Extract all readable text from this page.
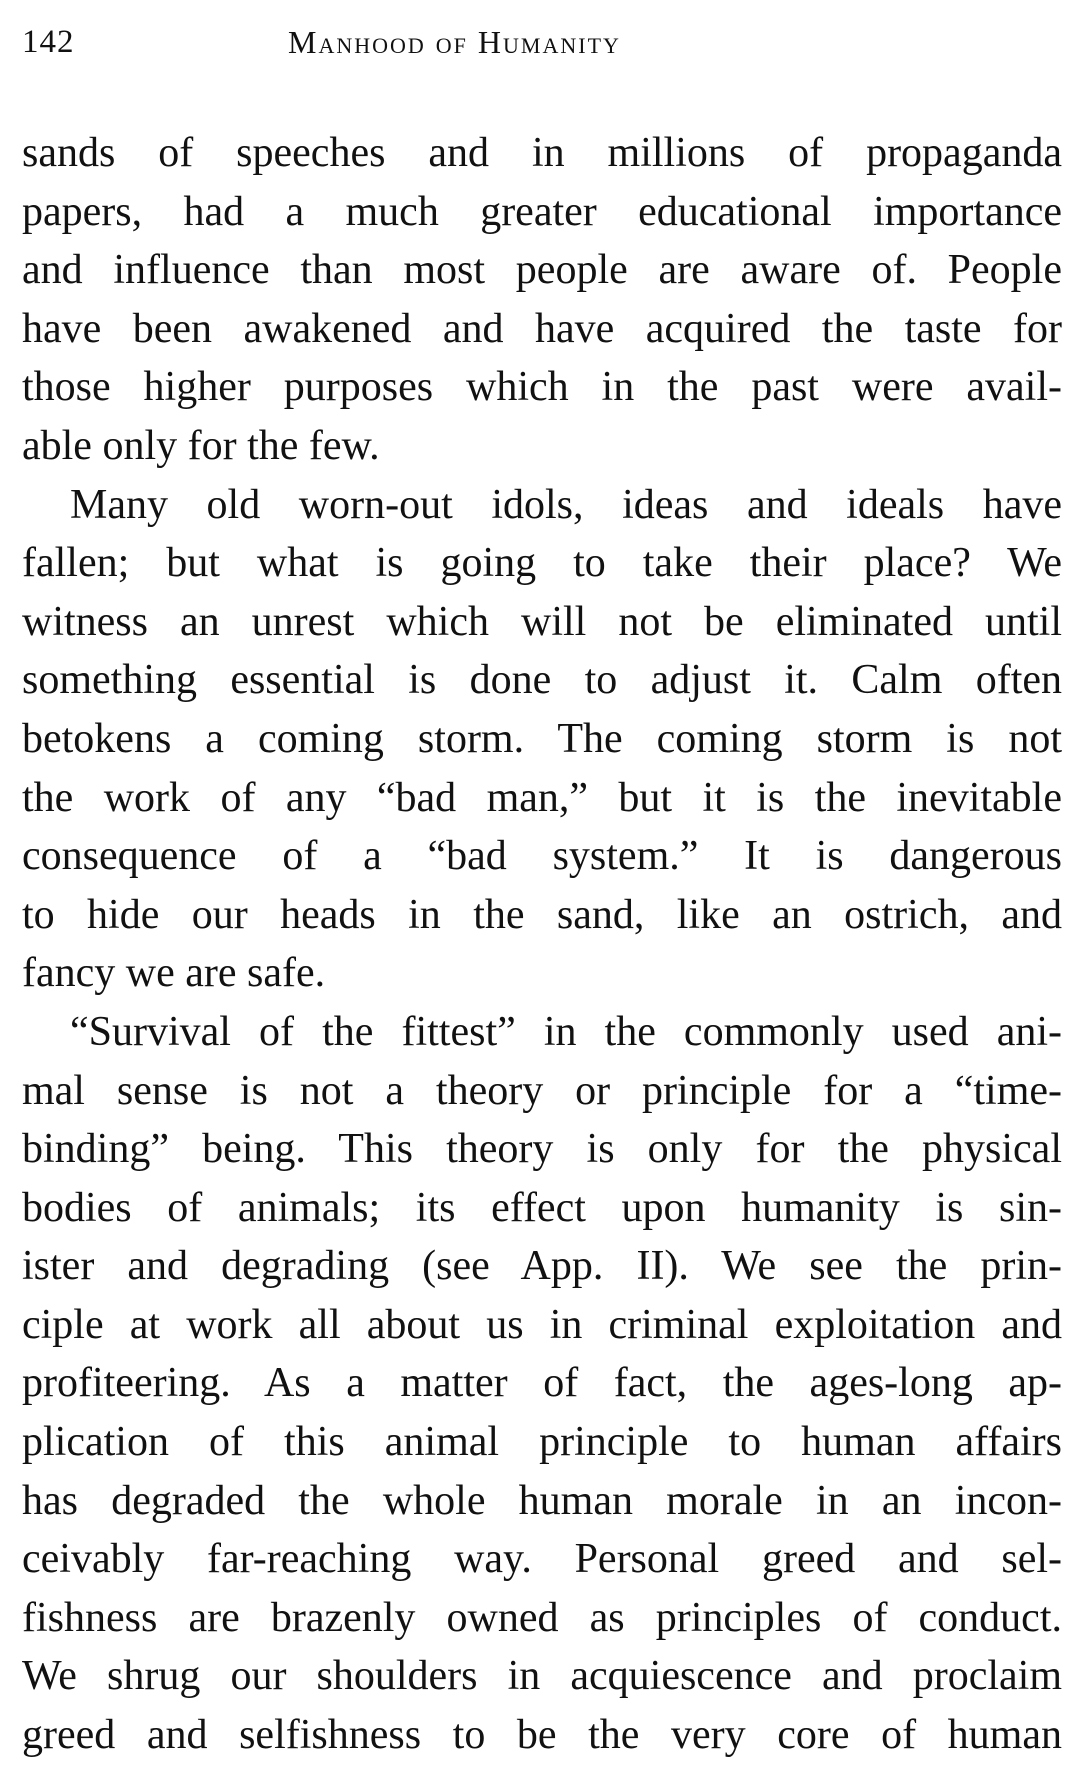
142	Manhood of Humanity
sands of speeches and in millions of propaganda
papers, had a much greater educational importance
and influence than most people are aware of. People
have been awakened and have acquired the taste for
those higher purposes which in the past were avail-
able only for the few.
Many old worn-out idols, ideas and ideals have
fallen; but what is going to take their place? We
witness an unrest which will not be eliminated until
something essential is done to adjust it. Calm often
betokens a coming storm. The coming storm is not
the work of any “bad man,” but it is the inevitable
consequence of a “bad system.” It is dangerous
to hide our heads in the sand, like an ostrich, and
fancy we are safe.
“Survival of the fittest” in the commonly used ani-
mal sense is not a theory or principle for a “time-
binding” being. This theory is only for the physical
bodies of animals; its effect upon humanity is sin-
ister and degrading (see App. II). We see the prin-
ciple at work all about us in criminal exploitation and
profiteering. As a matter of fact, the ages-long ap-
plication of this animal principle to human affairs
has degraded the whole human morale in an incon-
ceivably far-reaching way. Personal greed and sel-
fishness are brazenly owned as principles of conduct.
We shrug our shoulders in acquiescence and proclaim
greed and selfishness to be the very core of human
